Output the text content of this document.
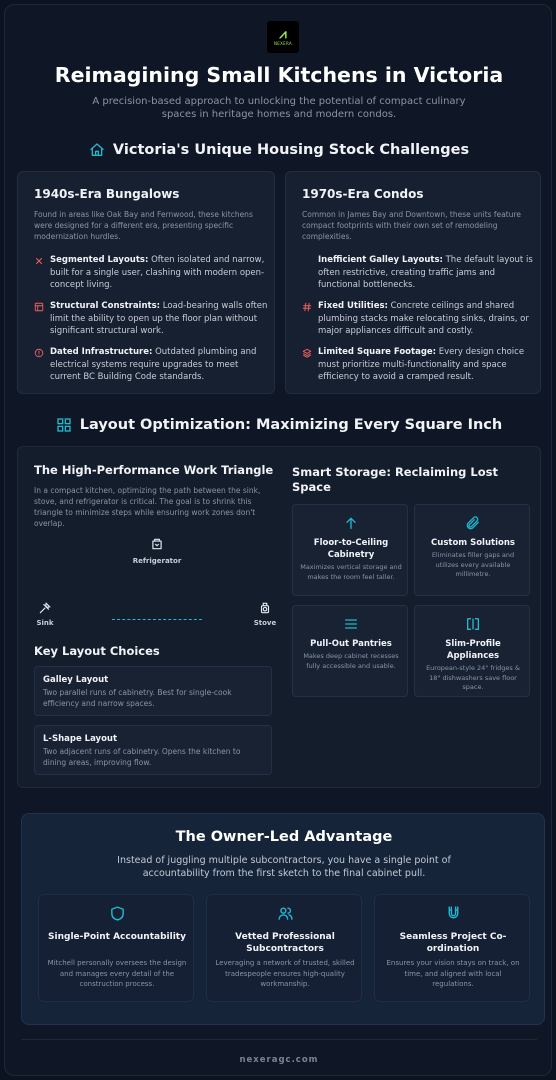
⩘
NEXERA
Reimagining Small Kitchens in Victoria
A precision-based approach to unlocking the potential of compact culinary spaces in heritage homes and modern condos.
Victoria's Unique Housing Stock Challenges
1940s-Era Bungalows
Found in areas like Oak Bay and Fernwood, these kitchens were designed for a different era, presenting specific modernization hurdles.
Segmented Layouts: Often isolated and narrow, built for a single user, clashing with modern open-concept living.
Structural Constraints: Load-bearing walls often limit the ability to open up the floor plan without significant structural work.
Dated Infrastructure: Outdated plumbing and electrical systems require upgrades to meet current BC Building Code standards.
1970s-Era Condos
Common in James Bay and Downtown, these units feature compact footprints with their own set of remodeling complexities.
Inefficient Galley Layouts: The default layout is often restrictive, creating traffic jams and functional bottlenecks.
Fixed Utilities: Concrete ceilings and shared plumbing stacks make relocating sinks, drains, or major appliances difficult and costly.
Limited Square Footage: Every design choice must prioritize multi-functionality and space efficiency to avoid a cramped result.
Layout Optimization: Maximizing Every Square Inch
The High-Performance Work Triangle
In a compact kitchen, optimizing the path between the sink, stove, and refrigerator is critical. The goal is to shrink this triangle to minimize steps while ensuring work zones don't overlap.
Refrigerator
Sink	Stove
Key Layout Choices
Galley Layout
Two parallel runs of cabinetry. Best for single-cook efficiency and narrow spaces.
L-Shape Layout
Two adjacent runs of cabinetry. Opens the kitchen to dining areas, improving flow.
Smart Storage: Reclaiming Lost Space
Floor-to-Ceiling Cabinetry
Maximizes vertical storage and makes the room feel taller.
Custom Solutions
Eliminates filler gaps and utilizes every available millimetre.
Pull-Out Pantries
Makes deep cabinet recesses fully accessible and usable.
Slim-Profile Appliances
European-style 24" fridges & 18" dishwashers save floor space.
The Owner-Led Advantage
Instead of juggling multiple subcontractors, you have a single point of accountability from the first sketch to the final cabinet pull.
Single-Point Accountability
Mitchell personally oversees the design and manages every detail of the construction process.
Vetted Professional Subcontractors
Leveraging a network of trusted, skilled tradespeople ensures high-quality workmanship.
Seamless Project Co-ordination
Ensures your vision stays on track, on time, and aligned with local regulations.
nexeragc.com
